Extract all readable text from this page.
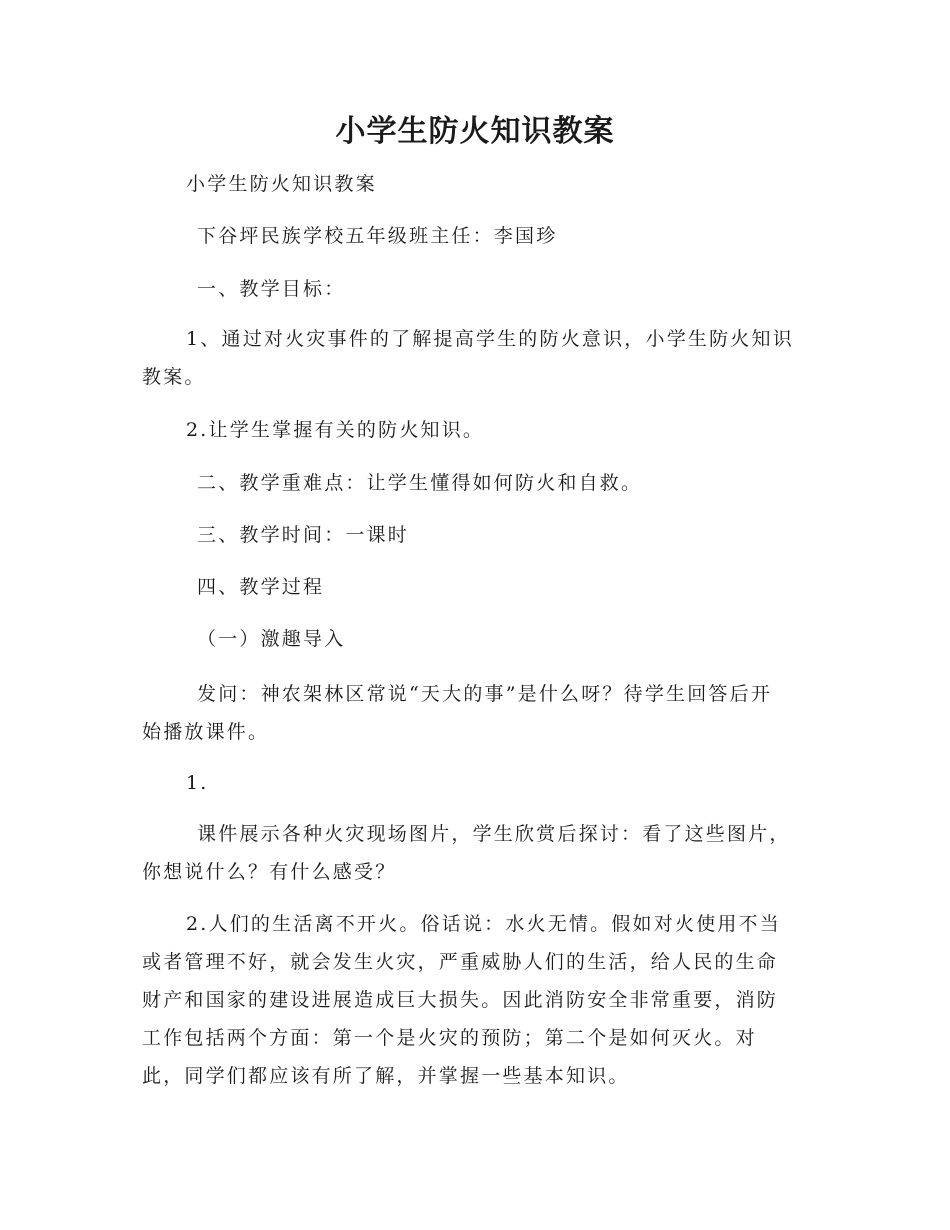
小学生防火知识教案
小学生防火知识教案
下谷坪民族学校五年级班主任：李国珍
一、教学目标：
1、通过对火灾事件的了解提高学生的防火意识，小学生防火知识
教案。
2.让学生掌握有关的防火知识。
二、教学重难点：让学生懂得如何防火和自救。
三、教学时间：一课时
四、教学过程
（一）激趣导入
发问：神农架林区常说“天大的事”是什么呀？待学生回答后开
始播放课件。
1.
课件展示各种火灾现场图片，学生欣赏后探讨：看了这些图片，
你想说什么？有什么感受？
2.人们的生活离不开火。俗话说：水火无情。假如对火使用不当
或者管理不好，就会发生火灾，严重威胁人们的生活，给人民的生命
财产和国家的建设进展造成巨大损失。因此消防安全非常重要，消防
工作包括两个方面：第一个是火灾的预防；第二个是如何灭火。对
此，同学们都应该有所了解，并掌握一些基本知识。
